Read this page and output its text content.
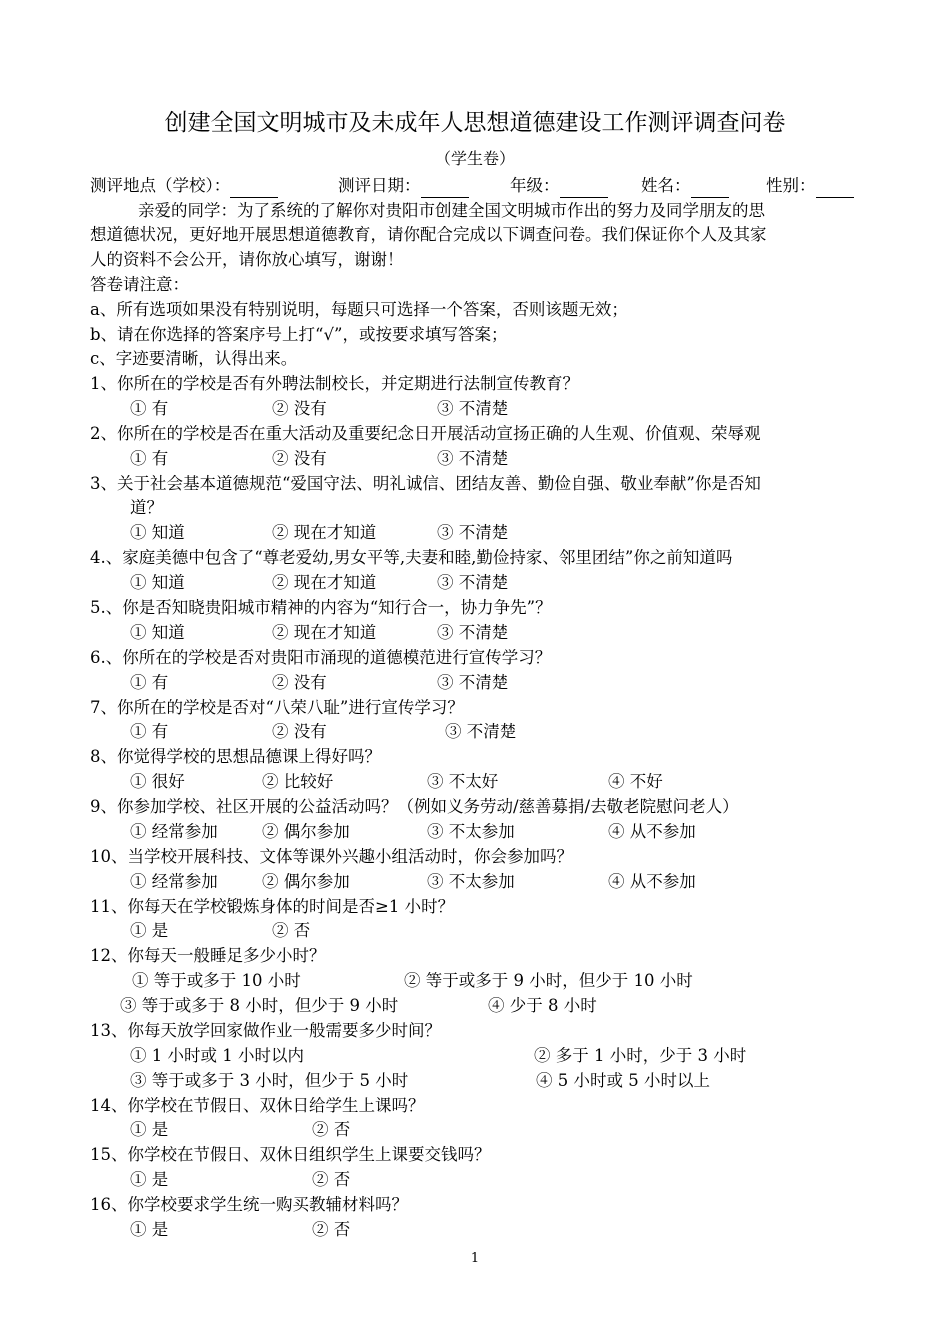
创建全国文明城市及未成年人思想道德建设工作测评调查问卷
（学生卷）
测评地点（学校）：	测评日期：	年级：	姓名：	性别：
亲爱的同学：为了系统的了解你对贵阳市创建全国文明城市作出的努力及同学朋友的思
想道德状况，更好地开展思想道德教育，请你配合完成以下调查问卷。我们保证你个人及其家
人的资料不会公开，请你放心填写，谢谢！
答卷请注意：
a、所有选项如果没有特别说明，每题只可选择一个答案，否则该题无效；
b、请在你选择的答案序号上打“√”，或按要求填写答案；
c、字迹要清晰，认得出来。
1、你所在的学校是否有外聘法制校长，并定期进行法制宣传教育？
① 有	② 没有	③ 不清楚
2、你所在的学校是否在重大活动及重要纪念日开展活动宣扬正确的人生观、价值观、荣辱观
① 有	② 没有	③ 不清楚
3、关于社会基本道德规范“爱国守法、明礼诚信、团结友善、勤俭自强、敬业奉献”你是否知
道？
① 知道	② 现在才知道	③ 不清楚
4.、家庭美德中包含了“尊老爱幼,男女平等,夫妻和睦,勤俭持家、邻里团结”你之前知道吗
① 知道	② 现在才知道	③ 不清楚
5.、你是否知晓贵阳城市精神的内容为“知行合一，协力争先”？
① 知道	② 现在才知道	③ 不清楚
6.、你所在的学校是否对贵阳市涌现的道德模范进行宣传学习？
① 有	② 没有	③ 不清楚
7、你所在的学校是否对“八荣八耻”进行宣传学习？
① 有	② 没有	③ 不清楚
8、你觉得学校的思想品德课上得好吗？
① 很好	② 比较好	③ 不太好	④ 不好
9、你参加学校、社区开展的公益活动吗？（例如义务劳动/慈善募捐/去敬老院慰问老人）
① 经常参加	② 偶尔参加	③ 不太参加	④ 从不参加
10、当学校开展科技、文体等课外兴趣小组活动时，你会参加吗？
① 经常参加	② 偶尔参加	③ 不太参加	④ 从不参加
11、你每天在学校锻炼身体的时间是否≥1 小时？
① 是	② 否
12、你每天一般睡足多少小时？
① 等于或多于 10 小时	② 等于或多于 9 小时，但少于 10 小时
③ 等于或多于 8 小时，但少于 9 小时	④ 少于 8 小时
13、你每天放学回家做作业一般需要多少时间？
① 1 小时或 1 小时以内	② 多于 1 小时，少于 3 小时
③ 等于或多于 3 小时，但少于 5 小时	④ 5 小时或 5 小时以上
14、你学校在节假日、双休日给学生上课吗？
① 是	② 否
15、你学校在节假日、双休日组织学生上课要交钱吗？
① 是	② 否
16、你学校要求学生统一购买教辅材料吗？
① 是	② 否
1
